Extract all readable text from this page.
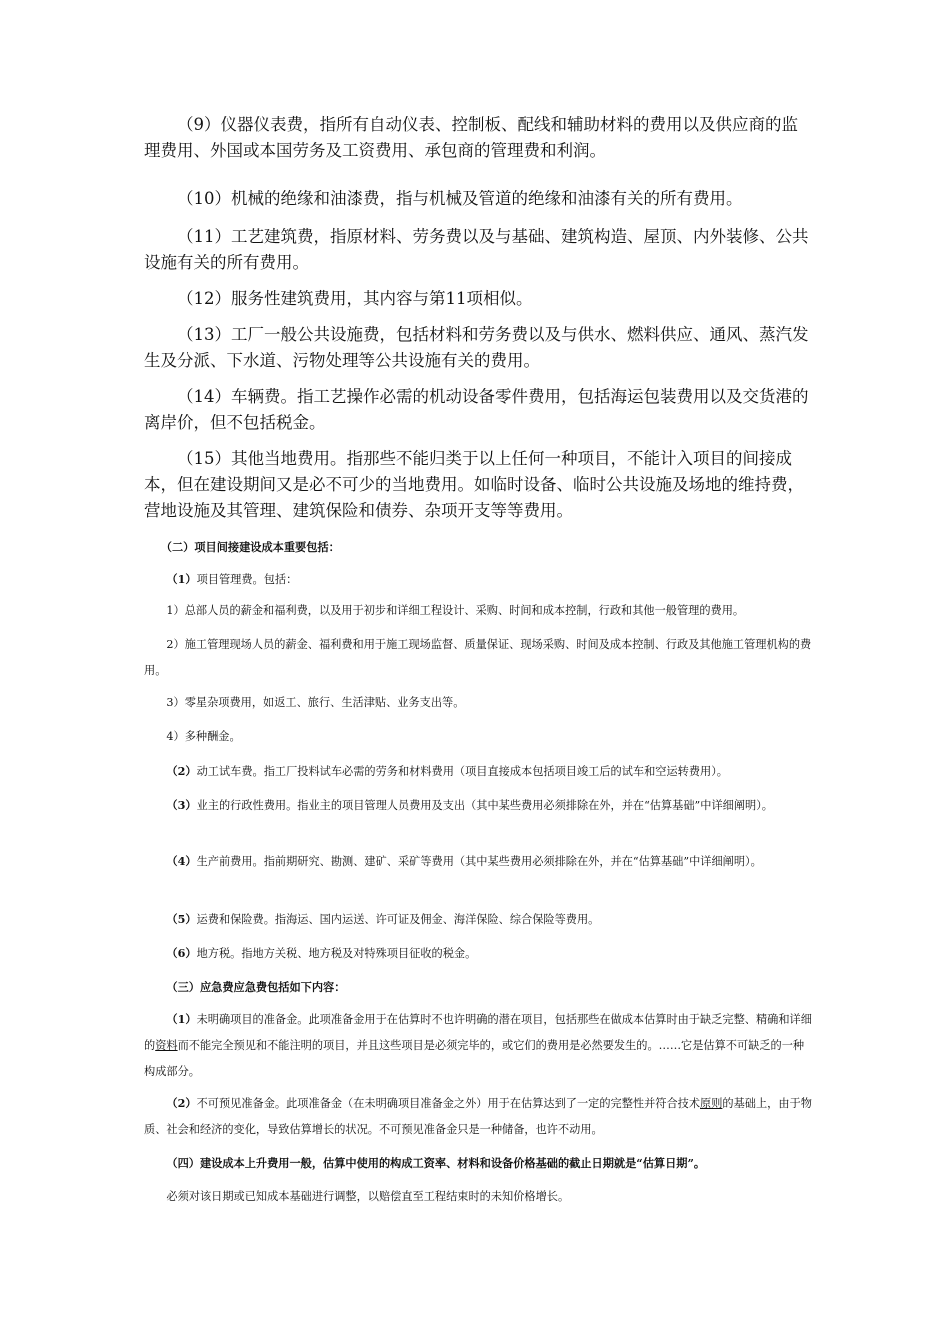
（9）仪器仪表费，指所有自动仪表、控制板、配线和辅助材料的费用以及供应商的监理费用、外国或本国劳务及工资费用、承包商的管理费和利润。

（10）机械的绝缘和油漆费，指与机械及管道的绝缘和油漆有关的所有费用。

（11）工艺建筑费，指原材料、劳务费以及与基础、建筑构造、屋顶、内外装修、公共设施有关的所有费用。

（12）服务性建筑费用，其内容与第11项相似。

（13）工厂一般公共设施费，包括材料和劳务费以及与供水、燃料供应、通风、蒸汽发生及分派、下水道、污物处理等公共设施有关的费用。

（14）车辆费。指工艺操作必需的机动设备零件费用，包括海运包装费用以及交货港的离岸价，但不包括税金。

（15）其他当地费用。指那些不能归类于以上任何一种项目，不能计入项目的间接成本，但在建设期间又是必不可少的当地费用。如临时设备、临时公共设施及场地的维持费，营地设施及其管理、建筑保险和债券、杂项开支等等费用。

（二）项目间接建设成本重要包括：

（1）项目管理费。包括：

1）总部人员的薪金和福利费，以及用于初步和详细工程设计、采购、时间和成本控制，行政和其他一般管理的费用。

2）施工管理现场人员的薪金、福利费和用于施工现场监督、质量保证、现场采购、时间及成本控制、行政及其他施工管理机构的费用。

3）零星杂项费用，如返工、旅行、生活津贴、业务支出等。

4）多种酬金。

（2）动工试车费。指工厂投料试车必需的劳务和材料费用（项目直接成本包括项目竣工后的试车和空运转费用）。

（3）业主的行政性费用。指业主的项目管理人员费用及支出（其中某些费用必须排除在外，并在“估算基础”中详细阐明）。

（4）生产前费用。指前期研究、勘测、建矿、采矿等费用（其中某些费用必须排除在外，并在“估算基础”中详细阐明）。

（5）运费和保险费。指海运、国内运送、许可证及佣金、海洋保险、综合保险等费用。

（6）地方税。指地方关税、地方税及对特殊项目征收的税金。

（三）应急费应急费包括如下内容：

（1）未明确项目的准备金。此项准备金用于在估算时不也许明确的潜在项目，包括那些在做成本估算时由于缺乏完整、精确和详细的资料而不能完全预见和不能注明的项目，并且这些项目是必须完毕的，或它们的费用是必然要发生的。……它是估算不可缺乏的一种构成部分。

（2）不可预见准备金。此项准备金（在未明确项目准备金之外）用于在估算达到了一定的完整性并符合技术原则的基础上，由于物质、社会和经济的变化，导致估算增长的状况。不可预见准备金只是一种储备，也许不动用。

（四）建设成本上升费用一般，估算中使用的构成工资率、材料和设备价格基础的截止日期就是“估算日期”。

必须对该日期或已知成本基础进行调整，以赔偿直至工程结束时的未知价格增长。
